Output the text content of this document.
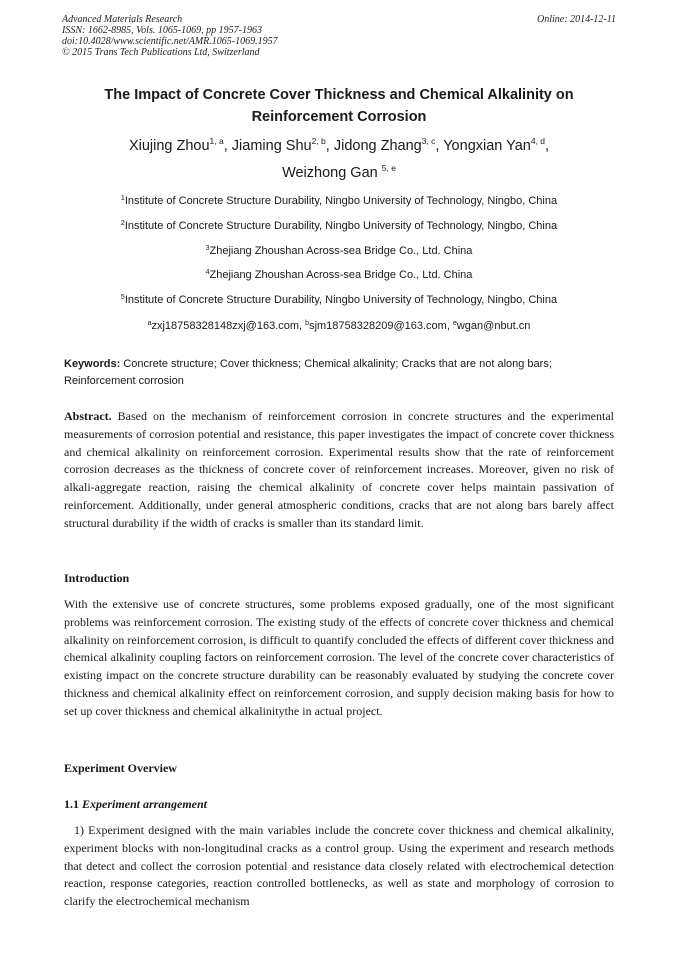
Advanced Materials Research
ISSN: 1662-8985, Vols. 1065-1069, pp 1957-1963
doi:10.4028/www.scientific.net/AMR.1065-1069.1957
© 2015 Trans Tech Publications Ltd, Switzerland
Online: 2014-12-11
The Impact of Concrete Cover Thickness and Chemical Alkalinity on
Reinforcement Corrosion
Xiujing Zhou$^{1, a}$, Jiaming Shu$^{2, b}$, Jidong Zhang$^{3, c}$, Yongxian Yan$^{4, d}$,
Weizhong Gan $^{5, e}$
$^1$Institute of Concrete Structure Durability, Ningbo University of Technology, Ningbo, China
$^2$Institute of Concrete Structure Durability, Ningbo University of Technology, Ningbo, China
$^3$Zhejiang Zhoushan Across-sea Bridge Co., Ltd. China
$^4$Zhejiang Zhoushan Across-sea Bridge Co., Ltd. China
$^5$Institute of Concrete Structure Durability, Ningbo University of Technology, Ningbo, China
$^a$zxj18758328148zxj@163.com, $^b$sjm18758328209@163.com, $^e$wgan@nbut.cn
Keywords: Concrete structure; Cover thickness; Chemical alkalinity; Cracks that are not along bars; Reinforcement corrosion
Abstract. Based on the mechanism of reinforcement corrosion in concrete structures and the experimental measurements of corrosion potential and resistance, this paper investigates the impact of concrete cover thickness and chemical alkalinity on reinforcement corrosion. Experimental results show that the rate of reinforcement corrosion decreases as the thickness of concrete cover of reinforcement increases. Moreover, given no risk of alkali-aggregate reaction, raising the chemical alkalinity of concrete cover helps maintain passivation of reinforcement. Additionally, under general atmospheric conditions, cracks that are not along bars barely affect structural durability if the width of cracks is smaller than its standard limit.
Introduction
With the extensive use of concrete structures, some problems exposed gradually, one of the most significant problems was reinforcement corrosion. The existing study of the effects of concrete cover thickness and chemical alkalinity on reinforcement corrosion, is difficult to quantify concluded the effects of different cover thickness and chemical alkalinity coupling factors on reinforcement corrosion. The level of the concrete cover characteristics of existing impact on the concrete structure durability can be reasonably evaluated by studying the concrete cover thickness and chemical alkalinity effect on reinforcement corrosion, and supply decision making basis for how to set up cover thickness and chemical alkalinitythe in actual project.
Experiment Overview
1.1 Experiment arrangement
1) Experiment designed with the main variables include the concrete cover thickness and chemical alkalinity, experiment blocks with non-longitudinal cracks as a control group. Using the experiment and research methods that detect and collect the corrosion potential and resistance data closely related with electrochemical detection reaction, response categories, reaction controlled bottlenecks, as well as state and morphology of corrosion to clarify the electrochemical mechanism
